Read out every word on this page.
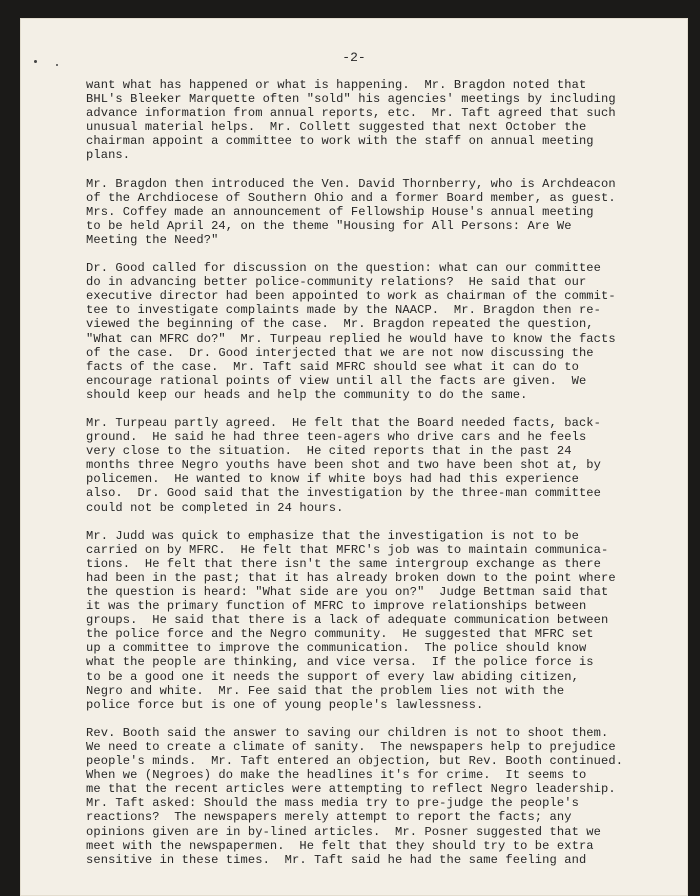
-2-
want what has happened or what is happening.  Mr. Bragdon noted that
BHL's Bleeker Marquette often "sold" his agencies' meetings by including
advance information from annual reports, etc.  Mr. Taft agreed that such
unusual material helps.  Mr. Collett suggested that next October the
chairman appoint a committee to work with the staff on annual meeting
plans.
Mr. Bragdon then introduced the Ven. David Thornberry, who is Archdeacon
of the Archdiocese of Southern Ohio and a former Board member, as guest.
Mrs. Coffey made an announcement of Fellowship House's annual meeting
to be held April 24, on the theme "Housing for All Persons: Are We
Meeting the Need?"
Dr. Good called for discussion on the question: what can our committee
do in advancing better police-community relations?  He said that our
executive director had been appointed to work as chairman of the commit-
tee to investigate complaints made by the NAACP.  Mr. Bragdon then re-
viewed the beginning of the case.  Mr. Bragdon repeated the question,
"What can MFRC do?"  Mr. Turpeau replied he would have to know the facts
of the case.  Dr. Good interjected that we are not now discussing the
facts of the case.  Mr. Taft said MFRC should see what it can do to
encourage rational points of view until all the facts are given.  We
should keep our heads and help the community to do the same.
Mr. Turpeau partly agreed.  He felt that the Board needed facts, back-
ground.  He said he had three teen-agers who drive cars and he feels
very close to the situation.  He cited reports that in the past 24
months three Negro youths have been shot and two have been shot at, by
policemen.  He wanted to know if white boys had had this experience
also.  Dr. Good said that the investigation by the three-man committee
could not be completed in 24 hours.
Mr. Judd was quick to emphasize that the investigation is not to be
carried on by MFRC.  He felt that MFRC's job was to maintain communica-
tions.  He felt that there isn't the same intergroup exchange as there
had been in the past; that it has already broken down to the point where
the question is heard: "What side are you on?"  Judge Bettman said that
it was the primary function of MFRC to improve relationships between
groups.  He said that there is a lack of adequate communication between
the police force and the Negro community.  He suggested that MFRC set
up a committee to improve the communication.  The police should know
what the people are thinking, and vice versa.  If the police force is
to be a good one it needs the support of every law abiding citizen,
Negro and white.  Mr. Fee said that the problem lies not with the
police force but is one of young people's lawlessness.
Rev. Booth said the answer to saving our children is not to shoot them.
We need to create a climate of sanity.  The newspapers help to prejudice
people's minds.  Mr. Taft entered an objection, but Rev. Booth continued.
When we (Negroes) do make the headlines it's for crime.  It seems to
me that the recent articles were attempting to reflect Negro leadership.
Mr. Taft asked: Should the mass media try to pre-judge the people's
reactions?  The newspapers merely attempt to report the facts; any
opinions given are in by-lined articles.  Mr. Posner suggested that we
meet with the newspapermen.  He felt that they should try to be extra
sensitive in these times.  Mr. Taft said he had the same feeling and
